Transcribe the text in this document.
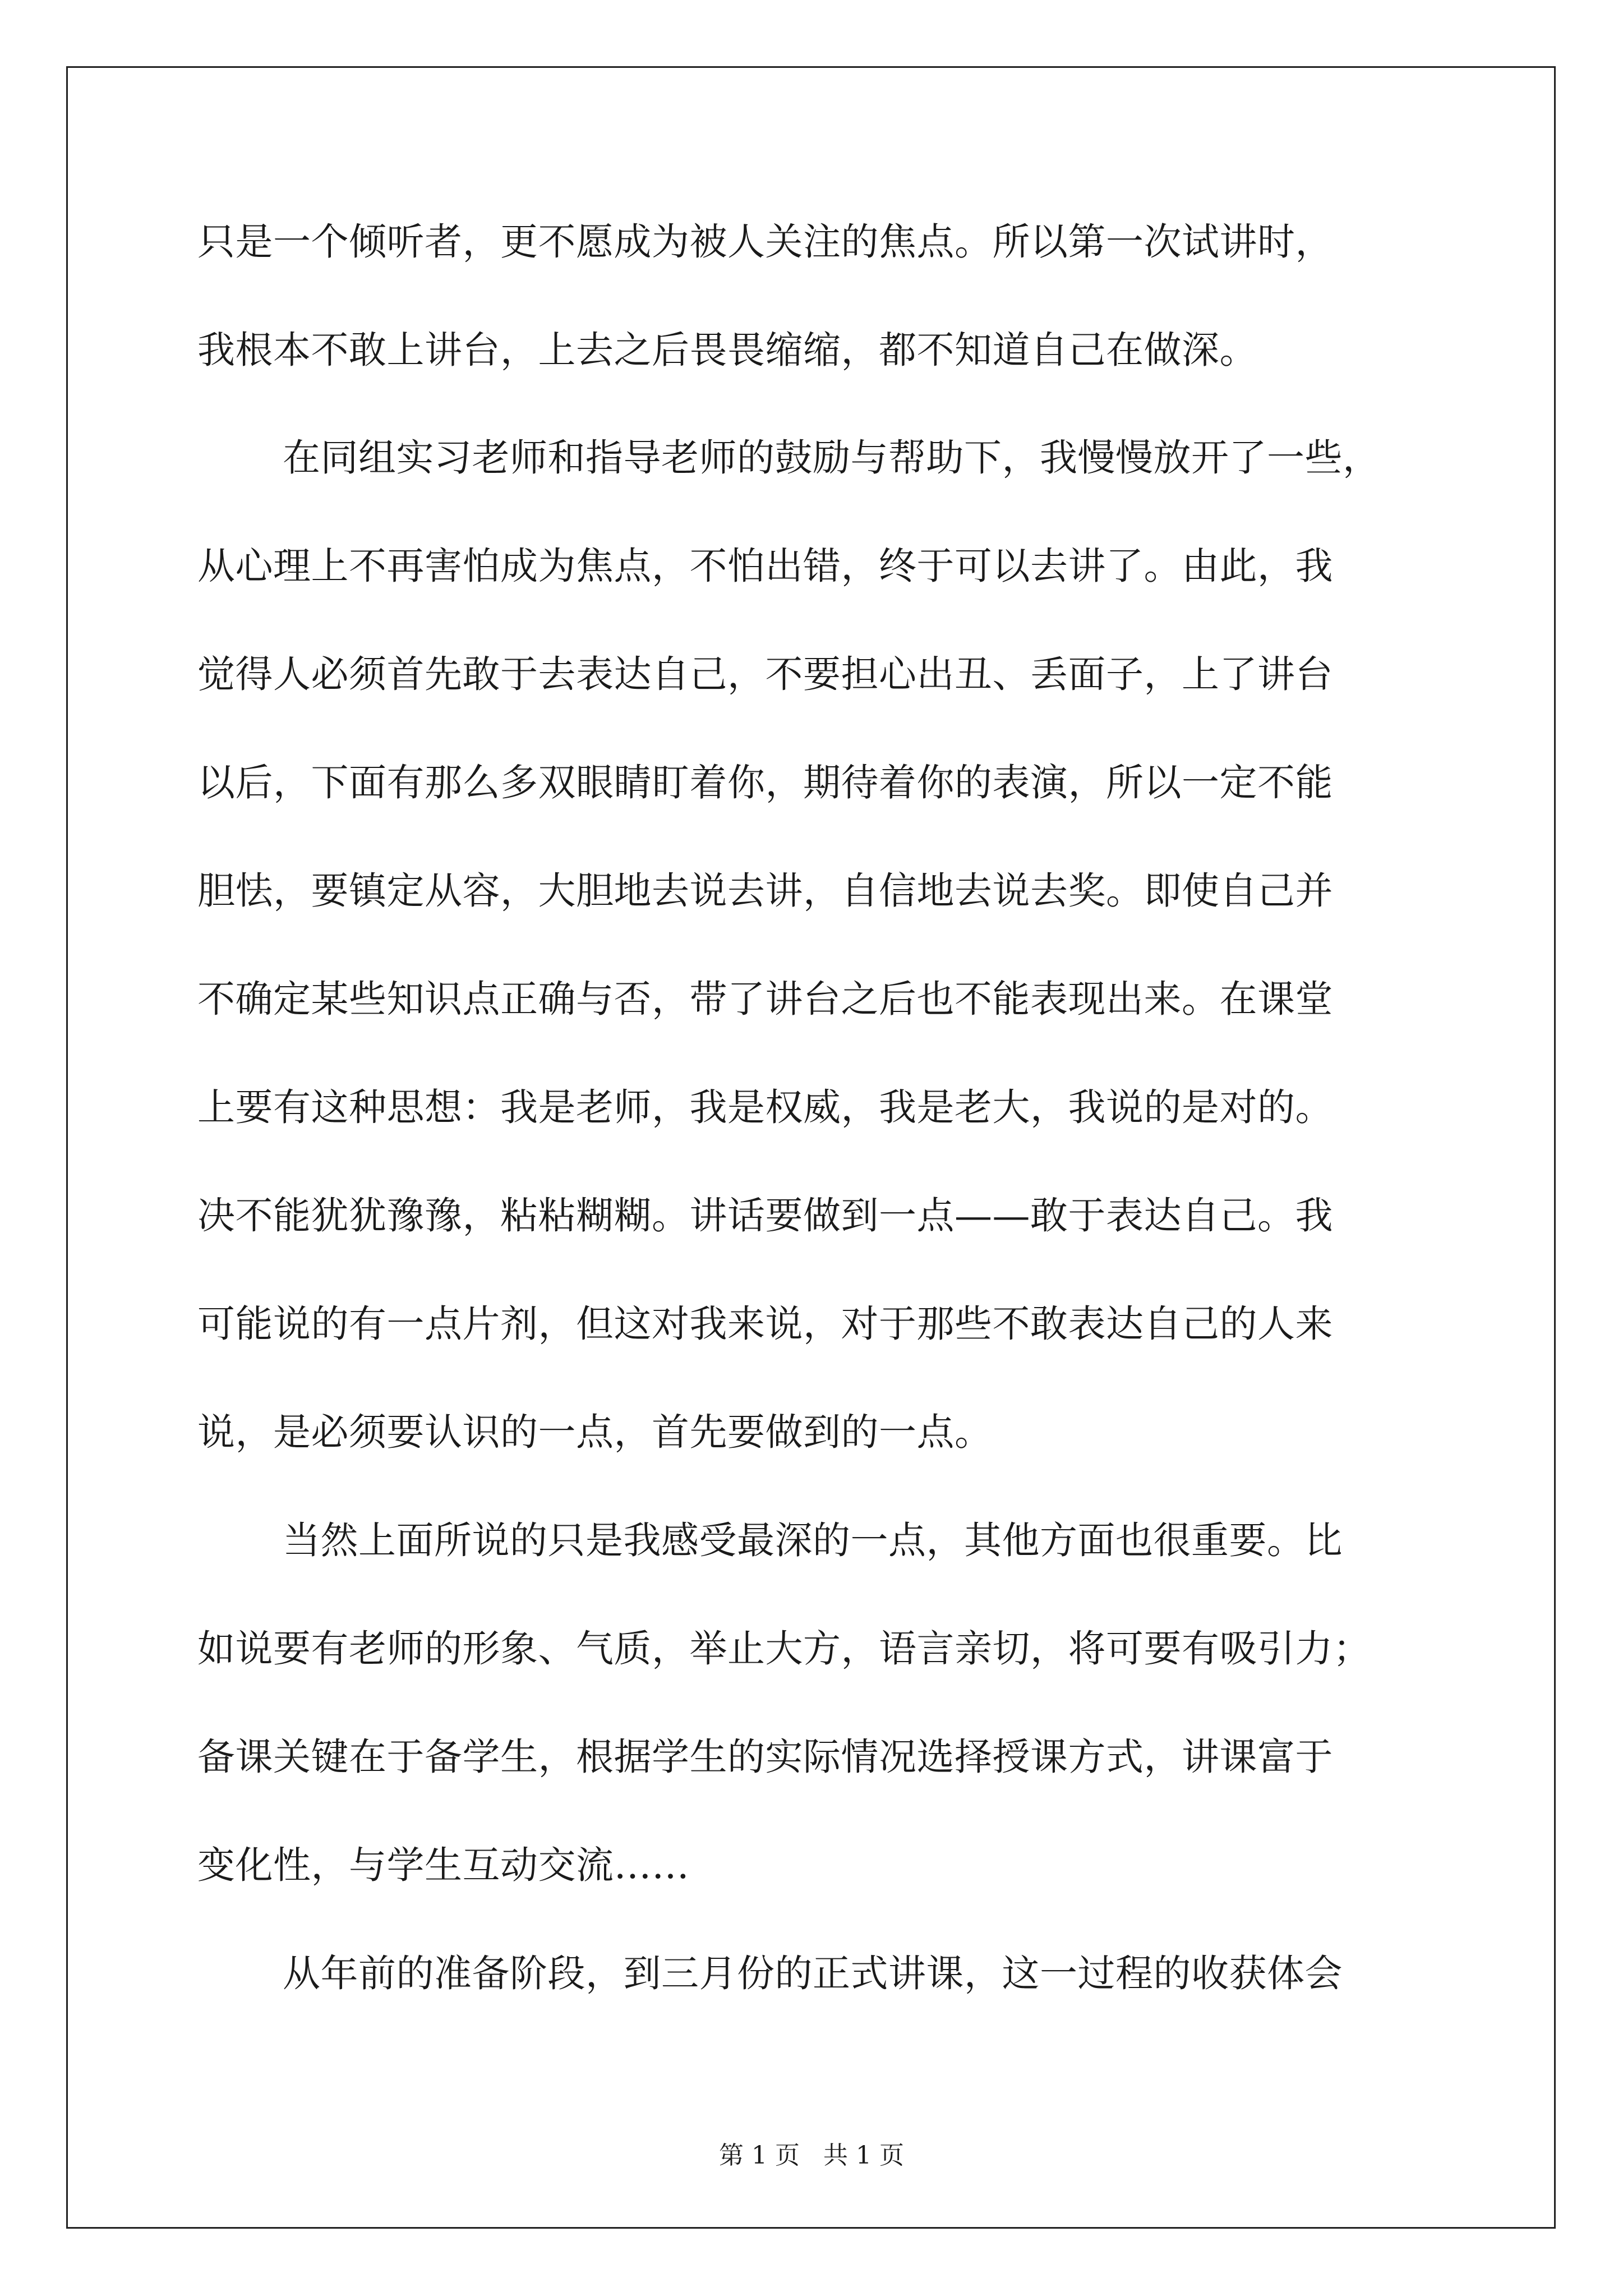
只是一个倾听者，更不愿成为被人关注的焦点。所以第一次试讲时，
我根本不敢上讲台，上去之后畏畏缩缩，都不知道自己在做深。
在同组实习老师和指导老师的鼓励与帮助下，我慢慢放开了一些，
从心理上不再害怕成为焦点，不怕出错，终于可以去讲了。由此，我
觉得人必须首先敢于去表达自己，不要担心出丑、丢面子，上了讲台
以后，下面有那么多双眼睛盯着你，期待着你的表演，所以一定不能
胆怯，要镇定从容，大胆地去说去讲，自信地去说去奖。即使自己并
不确定某些知识点正确与否，带了讲台之后也不能表现出来。在课堂
上要有这种思想：我是老师，我是权威，我是老大，我说的是对的。
决不能犹犹豫豫，粘粘糊糊。讲话要做到一点——敢于表达自己。我
可能说的有一点片剂，但这对我来说，对于那些不敢表达自己的人来
说，是必须要认识的一点，首先要做到的一点。
当然上面所说的只是我感受最深的一点，其他方面也很重要。比
如说要有老师的形象、气质，举止大方，语言亲切，将可要有吸引力；
备课关键在于备学生，根据学生的实际情况选择授课方式，讲课富于
变化性，与学生互动交流……
从年前的准备阶段，到三月份的正式讲课，这一过程的收获体会
第 1 页   共 1 页
